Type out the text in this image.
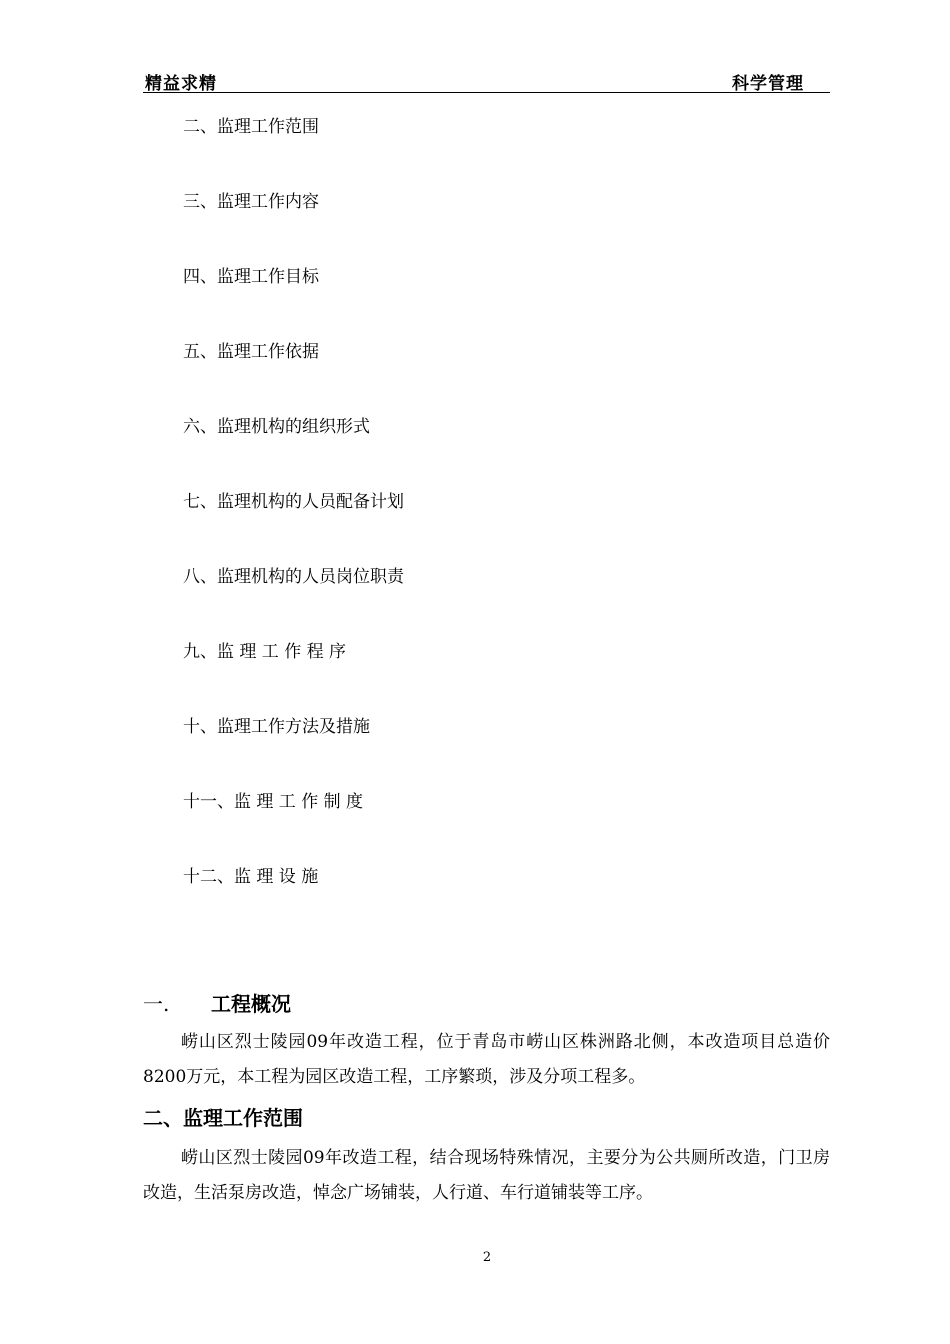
精益求精	科学管理
二、监理工作范围
三、监理工作内容
四、监理工作目标
五、监理工作依据
六、监理机构的组织形式
七、监理机构的人员配备计划
八、监理机构的人员岗位职责
九、监 理 工 作 程 序
十、监理工作方法及措施
十一、监 理 工 作 制 度
十二、监 理 设 施
一. 工程概况
崂山区烈士陵园09年改造工程，位于青岛市崂山区株洲路北侧，本改造项目总造价8200万元，本工程为园区改造工程，工序繁琐，涉及分项工程多。
二、监理工作范围
崂山区烈士陵园09年改造工程，结合现场特殊情况，主要分为公共厕所改造，门卫房改造，生活泵房改造，悼念广场铺装，人行道、车行道铺装等工序。
2
